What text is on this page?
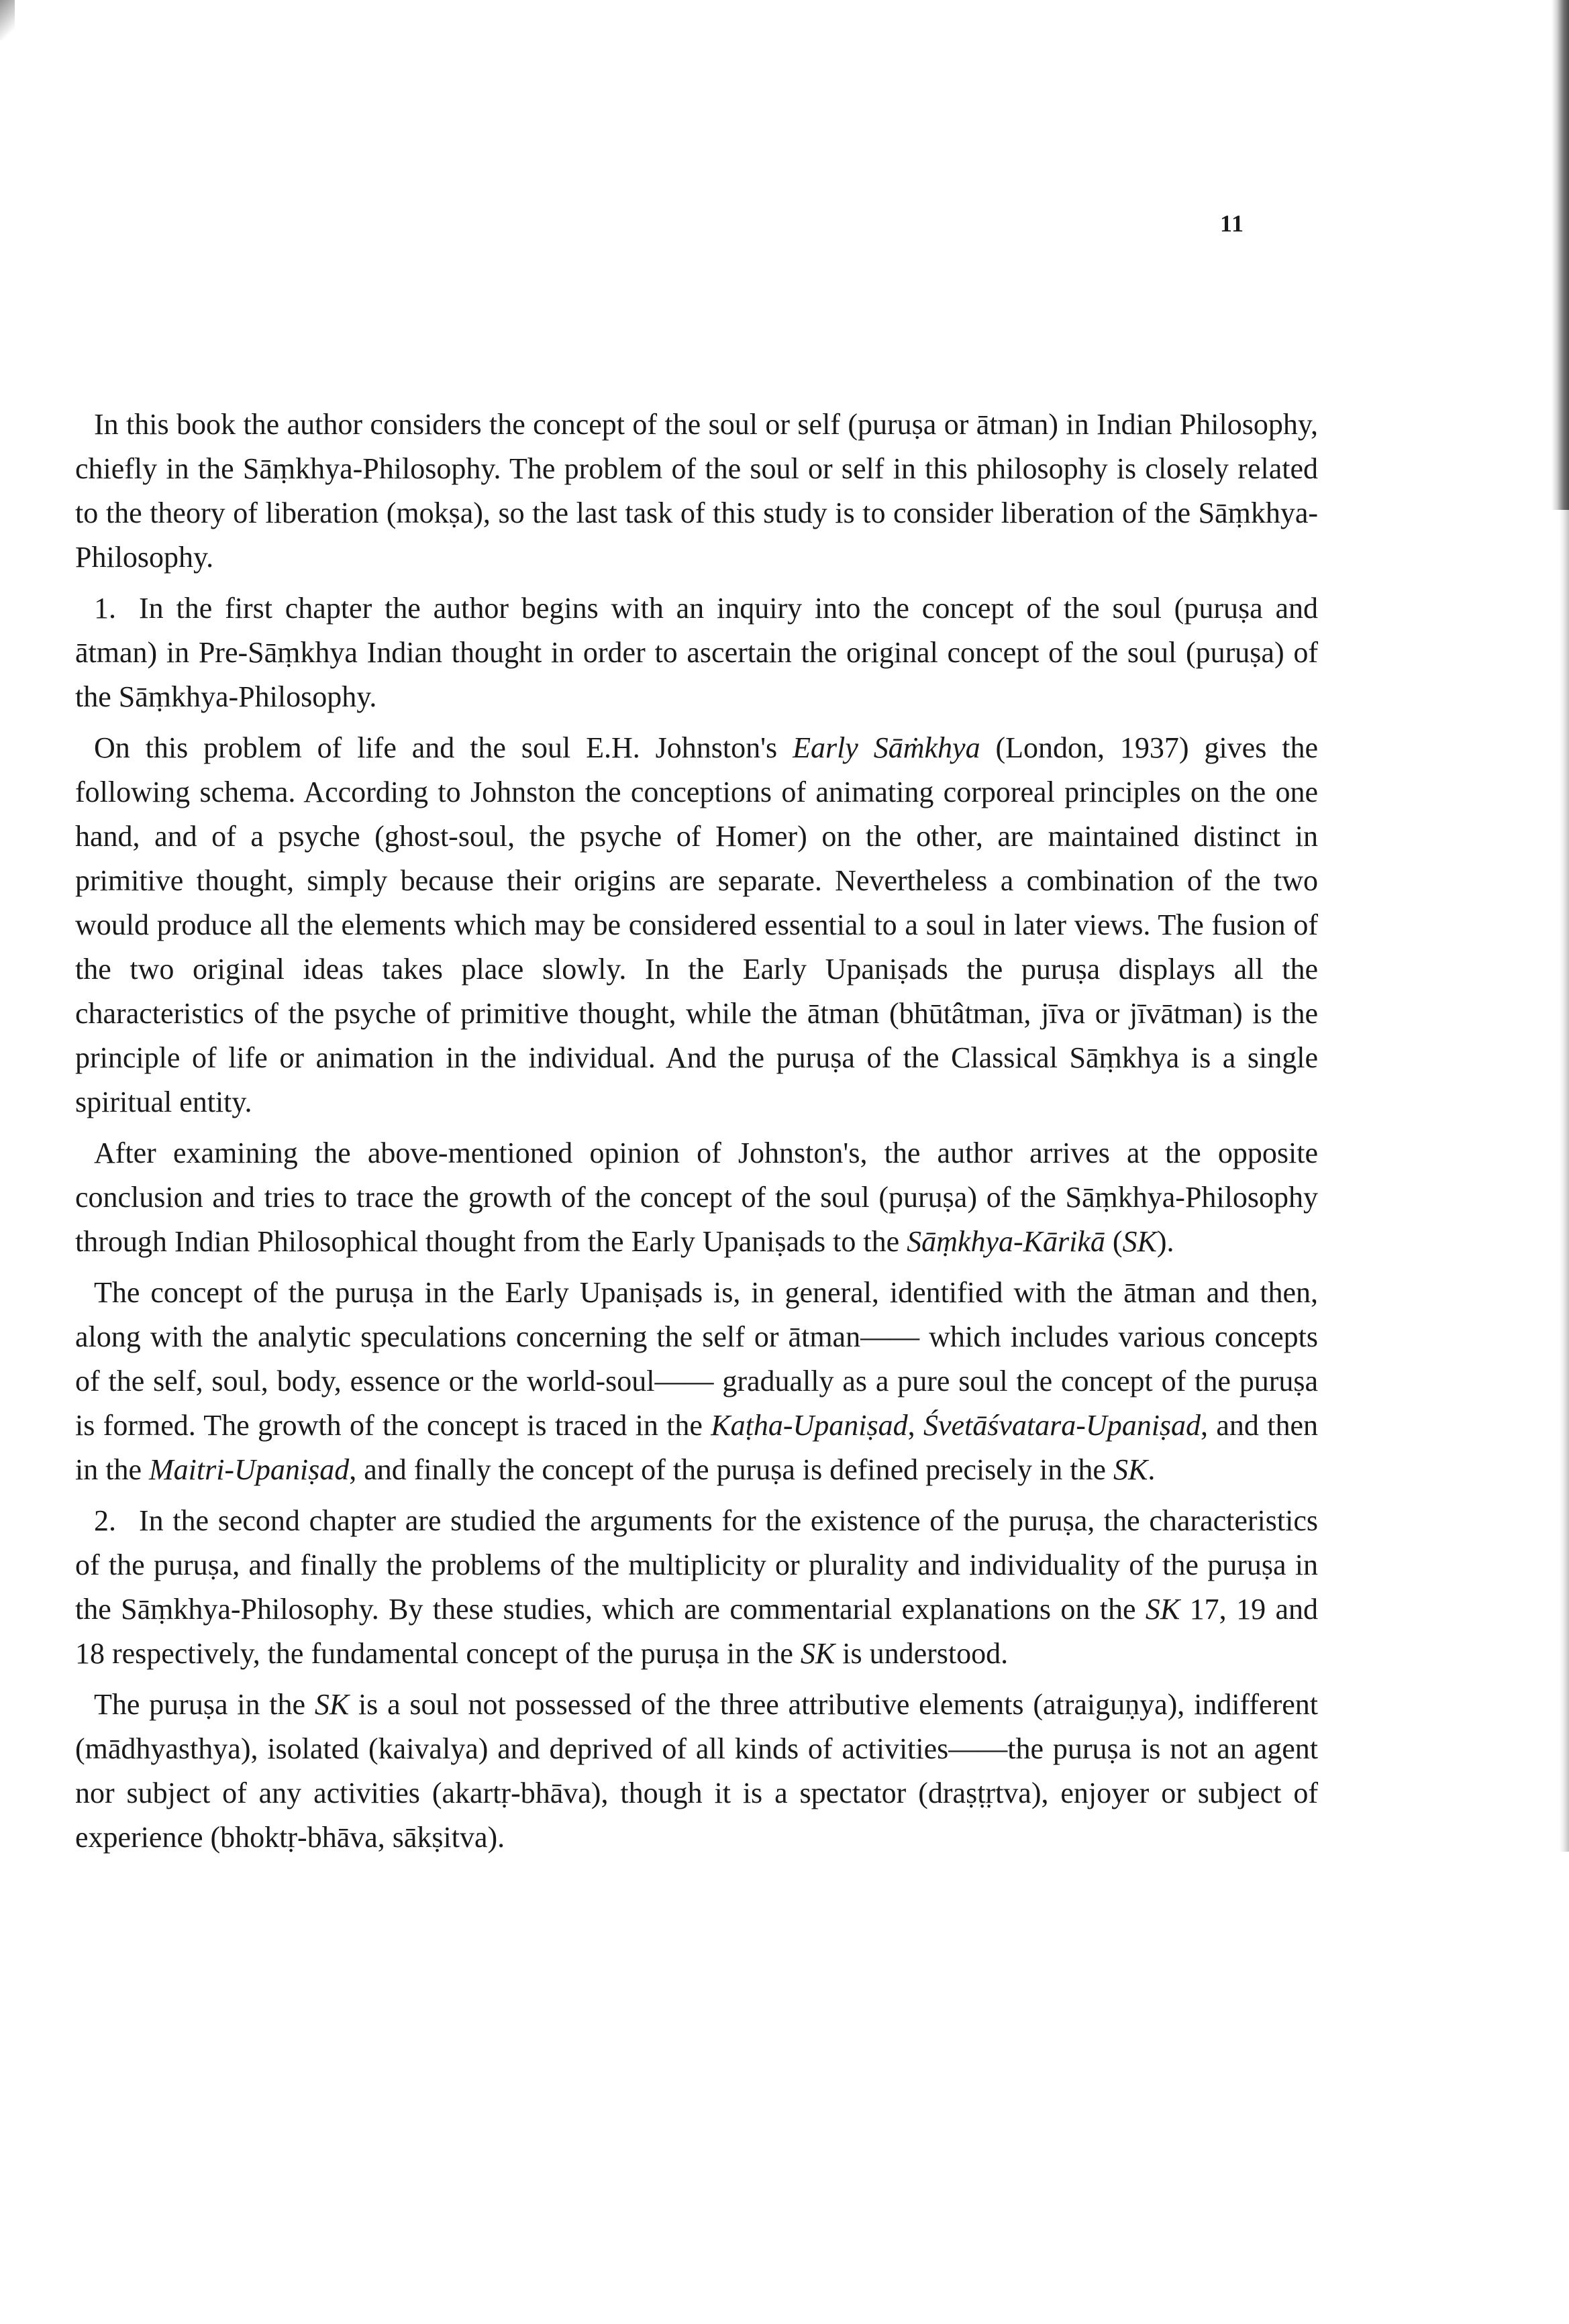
11

In this book the author considers the concept of the soul or self (puruṣa or ātman) in Indian Philosophy, chiefly in the Sāṃkhya-Philosophy. The problem of the soul or self in this philosophy is closely related to the theory of liberation (mokṣa), so the last task of this study is to consider liberation of the Sāṃkhya-Philosophy.

1. In the first chapter the author begins with an inquiry into the concept of the soul (puruṣa and ātman) in Pre-Sāṃkhya Indian thought in order to ascertain the original concept of the soul (puruṣa) of the Sāṃkhya-Philosophy.

On this problem of life and the soul E.H. Johnston's Early Sāṁkhya (London, 1937) gives the following schema. According to Johnston the conceptions of animating corporeal principles on the one hand, and of a psyche (ghost-soul, the psyche of Homer) on the other, are maintained distinct in primitive thought, simply because their origins are separate. Nevertheless a combination of the two would produce all the elements which may be considered essential to a soul in later views. The fusion of the two original ideas takes place slowly. In the Early Upaniṣads the puruṣa displays all the characteristics of the psyche of primitive thought, while the ātman (bhūtâtman, jīva or jīvātman) is the principle of life or animation in the individual. And the puruṣa of the Classical Sāṃkhya is a single spiritual entity.

After examining the above-mentioned opinion of Johnston's, the author arrives at the opposite conclusion and tries to trace the growth of the concept of the soul (puruṣa) of the Sāṃkhya-Philosophy through Indian Philosophical thought from the Early Upaniṣads to the Sāṃkhya-Kārikā (SK).

The concept of the puruṣa in the Early Upaniṣads is, in general, identified with the ātman and then, along with the analytic speculations concerning the self or ātman—— which includes various concepts of the self, soul, body, essence or the world-soul—— gradually as a pure soul the concept of the puruṣa is formed. The growth of the concept is traced in the Kaṭha-Upaniṣad, Śvetāśvatara-Upaniṣad, and then in the Maitri-Upaniṣad, and finally the concept of the puruṣa is defined precisely in the SK.

2. In the second chapter are studied the arguments for the existence of the puruṣa, the characteristics of the puruṣa, and finally the problems of the multiplicity or plurality and individuality of the puruṣa in the Sāṃkhya-Philosophy. By these studies, which are commentarial explanations on the SK 17, 19 and 18 respectively, the fundamental concept of the puruṣa in the SK is understood.

The puruṣa in the SK is a soul not possessed of the three attributive elements (atraiguṇya), indifferent (mādhyasthya), isolated (kaivalya) and deprived of all kinds of activities——the puruṣa is not an agent nor subject of any activities (akartṛ-bhāva), though it is a spectator (draṣṭṛtva), enjoyer or subject of experience (bhoktṛ-bhāva, sākṣitva).
